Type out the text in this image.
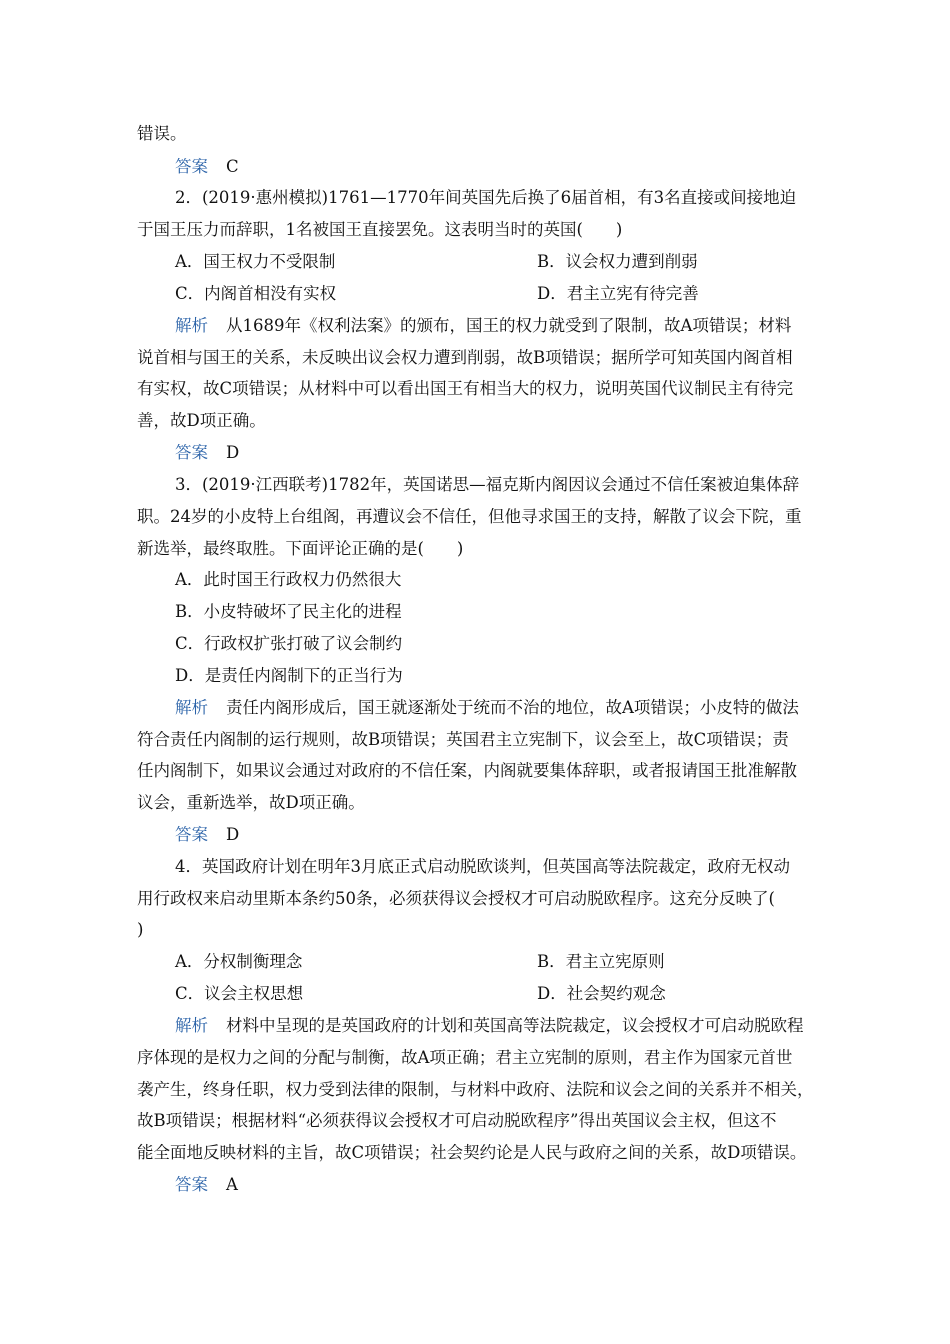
错误。
答案 C
2．(2019·惠州模拟)1761—1770年间英国先后换了6届首相，有3名直接或间接地迫
于国王压力而辞职，1名被国王直接罢免。这表明当时的英国(　　)
A．国王权力不受限制	B．议会权力遭到削弱
C．内阁首相没有实权	D．君主立宪有待完善
解析 从1689年《权利法案》的颁布，国王的权力就受到了限制，故A项错误；材料
说首相与国王的关系，未反映出议会权力遭到削弱，故B项错误；据所学可知英国内阁首相
有实权，故C项错误；从材料中可以看出国王有相当大的权力，说明英国代议制民主有待完
善，故D项正确。
答案 D
3．(2019·江西联考)1782年，英国诺思—福克斯内阁因议会通过不信任案被迫集体辞
职。24岁的小皮特上台组阁，再遭议会不信任，但他寻求国王的支持，解散了议会下院，重
新选举，最终取胜。下面评论正确的是(　　)
A．此时国王行政权力仍然很大
B．小皮特破坏了民主化的进程
C．行政权扩张打破了议会制约
D．是责任内阁制下的正当行为
解析 责任内阁形成后，国王就逐渐处于统而不治的地位，故A项错误；小皮特的做法
符合责任内阁制的运行规则，故B项错误；英国君主立宪制下，议会至上，故C项错误；责
任内阁制下，如果议会通过对政府的不信任案，内阁就要集体辞职，或者报请国王批准解散
议会，重新选举，故D项正确。
答案 D
4．英国政府计划在明年3月底正式启动脱欧谈判，但英国高等法院裁定，政府无权动
用行政权来启动里斯本条约50条，必须获得议会授权才可启动脱欧程序。这充分反映了(
)
A．分权制衡理念	B．君主立宪原则
C．议会主权思想	D．社会契约观念
解析 材料中呈现的是英国政府的计划和英国高等法院裁定，议会授权才可启动脱欧程
序体现的是权力之间的分配与制衡，故A项正确；君主立宪制的原则，君主作为国家元首世
袭产生，终身任职，权力受到法律的限制，与材料中政府、法院和议会之间的关系并不相关，
故B项错误；根据材料“必须获得议会授权才可启动脱欧程序”得出英国议会主权，但这不
能全面地反映材料的主旨，故C项错误；社会契约论是人民与政府之间的关系，故D项错误。
答案 A
